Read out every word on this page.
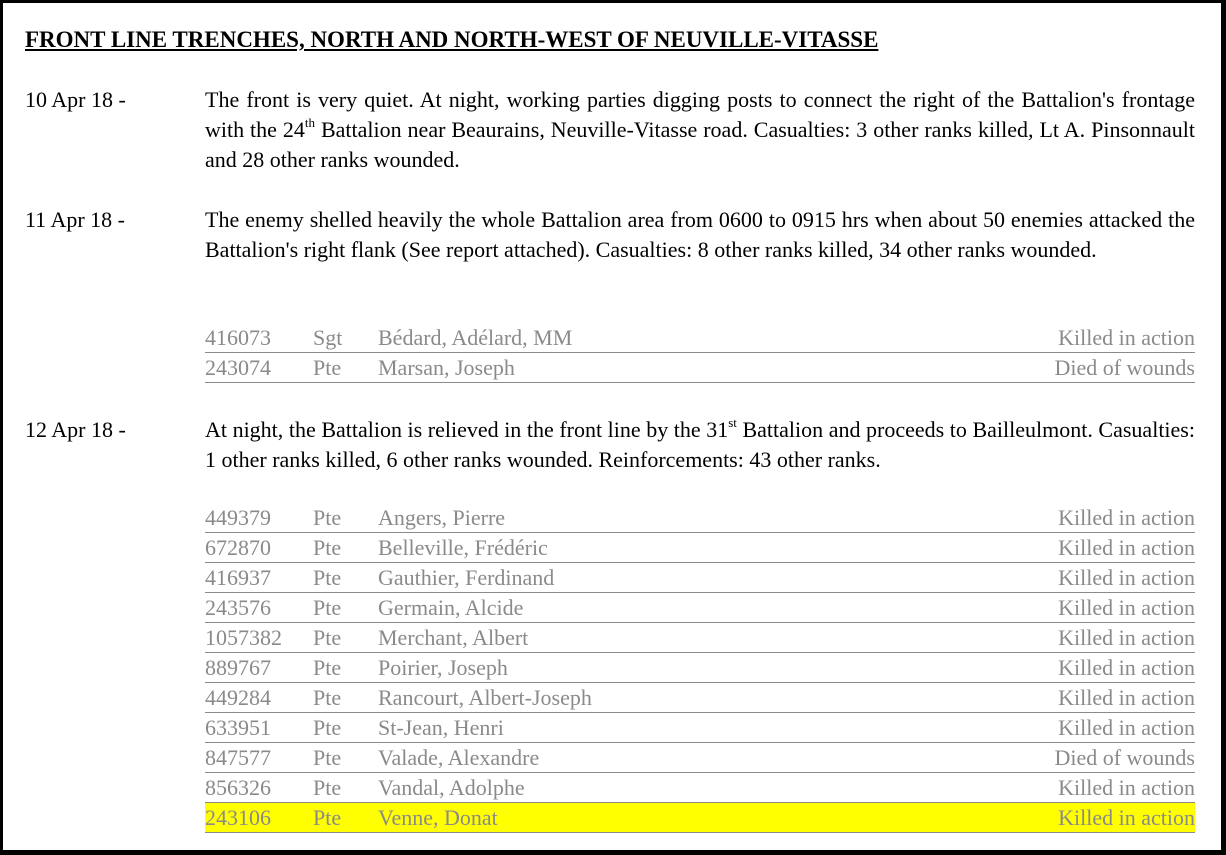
FRONT LINE TRENCHES, NORTH AND NORTH-WEST OF NEUVILLE-VITASSE
10 Apr 18 -	The front is very quiet. At night, working parties digging posts to connect the right of the Battalion's frontage with the 24th Battalion near Beaurains, Neuville-Vitasse road. Casualties: 3 other ranks killed, Lt A. Pinsonnault and 28 other ranks wounded.
11 Apr 18 -	The enemy shelled heavily the whole Battalion area from 0600 to 0915 hrs when about 50 enemies attacked the Battalion's right flank (See report attached). Casualties: 8 other ranks killed, 34 other ranks wounded.
416073 Sgt Bédard, Adélard, MM	Killed in action
243074 Pte Marsan, Joseph	Died of wounds
12 Apr 18 -	At night, the Battalion is relieved in the front line by the 31st Battalion and proceeds to Bailleulmont. Casualties: 1 other ranks killed, 6 other ranks wounded. Reinforcements: 43 other ranks.
449379 Pte Angers, Pierre	Killed in action
672870 Pte Belleville, Frédéric	Killed in action
416937 Pte Gauthier, Ferdinand	Killed in action
243576 Pte Germain, Alcide	Killed in action
1057382 Pte Merchant, Albert	Killed in action
889767 Pte Poirier, Joseph	Killed in action
449284 Pte Rancourt, Albert-Joseph	Killed in action
633951 Pte St-Jean, Henri	Killed in action
847577 Pte Valade, Alexandre	Died of wounds
856326 Pte Vandal, Adolphe	Killed in action
243106 Pte Venne, Donat	Killed in action
